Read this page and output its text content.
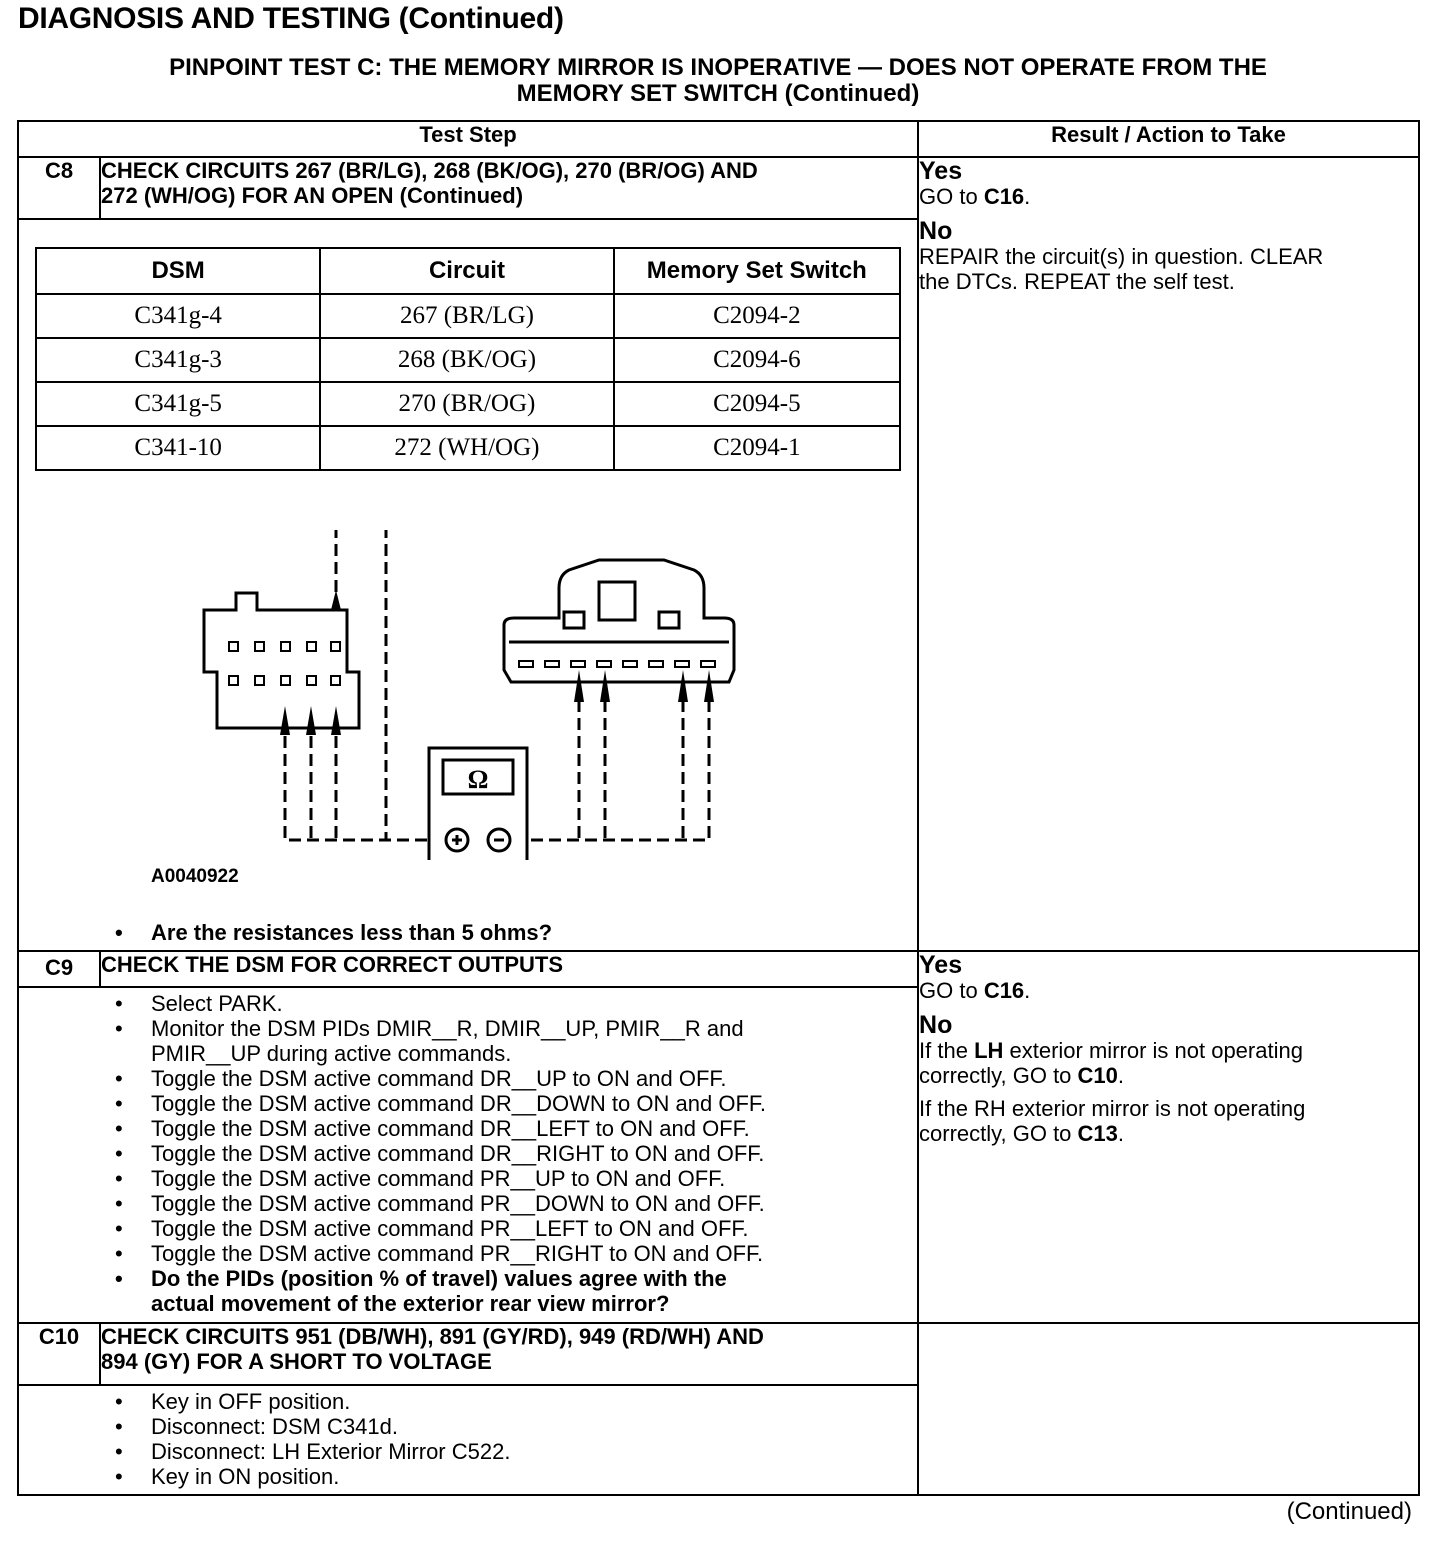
DIAGNOSIS AND TESTING (Continued)
PINPOINT TEST C: THE MEMORY MIRROR IS INOPERATIVE — DOES NOT OPERATE FROM THE
MEMORY SET SWITCH (Continued)
Test Step	Result / Action to Take
C8	CHECK CIRCUITS 267 (BR/LG), 268 (BK/OG), 270 (BR/OG) AND
272 (WH/OG) FOR AN OPEN (Continued)

Yes
GO to C16.
No
REPAIR the circuit(s) in question. CLEAR
the DTCs. REPEAT the self test.

DSM	Circuit	Memory Set Switch
C341g-4	267 (BR/LG)	C2094-2
C341g-3	268 (BK/OG)	C2094-6
C341g-5	270 (BR/OG)	C2094-5
C341-10	272 (WH/OG)	C2094-1
Ω
A0040922
• Are the resistances less than 5 ohms?

C9	CHECK THE DSM FOR CORRECT OUTPUTS	Yes
GO to C16.
No
If the LH exterior mirror is not operating
correctly, GO to C10.
If the RH exterior mirror is not operating
correctly, GO to C13.

• Select PARK.
• Monitor the DSM PIDs DMIR__R, DMIR__UP, PMIR__R and
PMIR__UP during active commands.
• Toggle the DSM active command DR__UP to ON and OFF.
• Toggle the DSM active command DR__DOWN to ON and OFF.
• Toggle the DSM active command DR__LEFT to ON and OFF.
• Toggle the DSM active command DR__RIGHT to ON and OFF.
• Toggle the DSM active command PR__UP to ON and OFF.
• Toggle the DSM active command PR__DOWN to ON and OFF.
• Toggle the DSM active command PR__LEFT to ON and OFF.
• Toggle the DSM active command PR__RIGHT to ON and OFF.
• Do the PIDs (position % of travel) values agree with the
actual movement of the exterior rear view mirror?

C10	CHECK CIRCUITS 951 (DB/WH), 891 (GY/RD), 949 (RD/WH) AND
894 (GY) FOR A SHORT TO VOLTAGE

• Key in OFF position.
• Disconnect: DSM C341d.
• Disconnect: LH Exterior Mirror C522.
• Key in ON position.
(Continued)
